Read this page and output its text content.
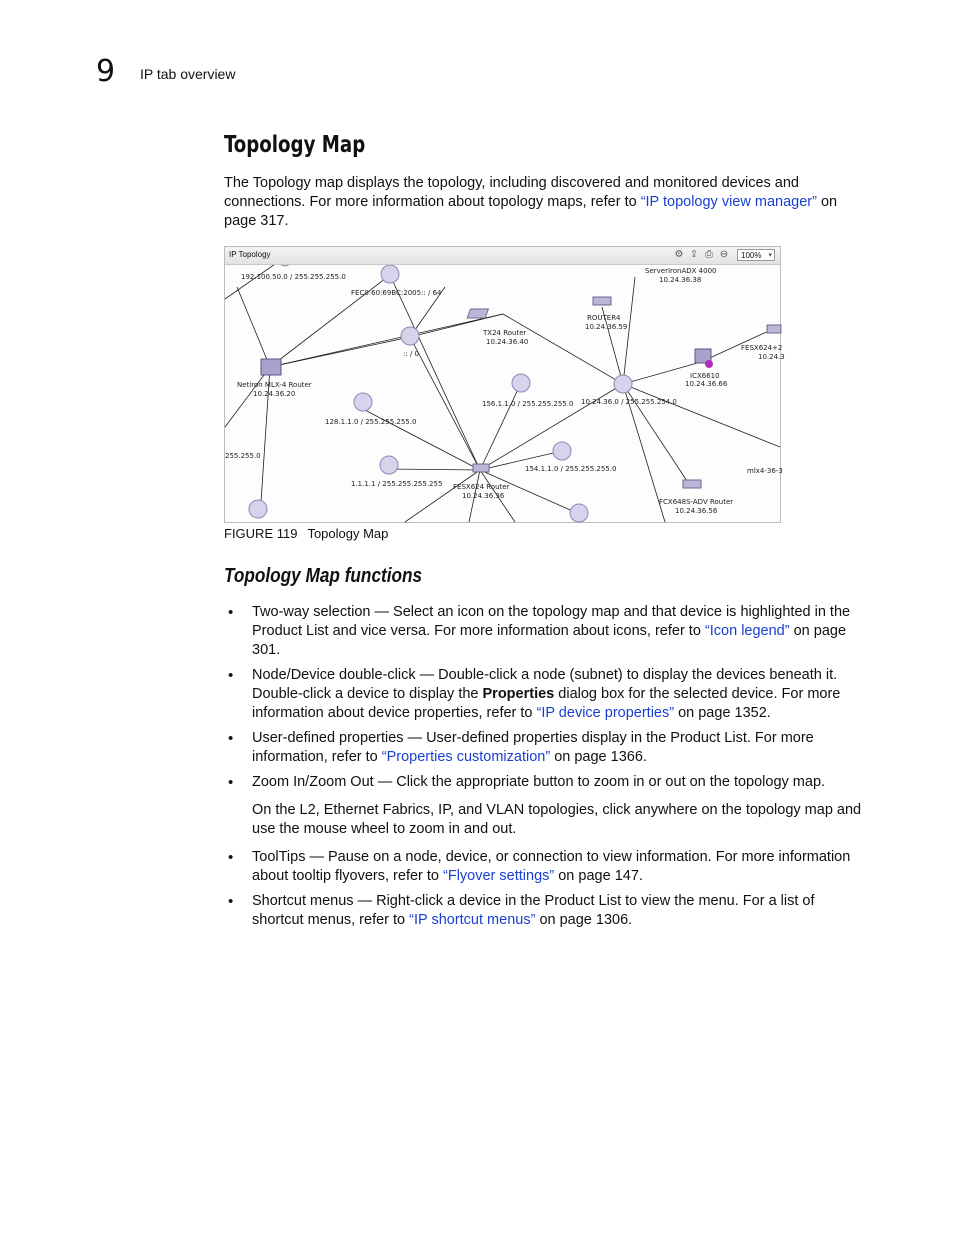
9 IP tab overview
Topology Map

The Topology map displays the topology, including discovered and monitored devices and connections. For more information about topology maps, refer to “IP topology view manager” on page 317.

192.100.50.0 / 255.255.255.0
FEC0:60:69BC:2005:: / 64
TX24 Router
10.24.36.40
:: / 0
ROUTER4
10.24.36.59
ServerIronADX 4000
10.24.36.38
Netiron MLX-4 Router
10.24.36.20
ICX6610
10.24.36.66
FESX624+2
10.24.3
156.1.1.0 / 255.255.255.0 10.24.36.0 / 255.255.254.0
128.1.1.0 / 255.255.255.0
255.255.0
1.1.1.1 / 255.255.255.255 FESX624 Router
10.24.36.36
154.1.1.0 / 255.255.255.0
FCX648S-ADV Router
10.24.36.56
mlx4-36-3
IP Topology	⚙ ⇪ ⎙ ⊖	100% ▾
FIGURE 119 Topology Map
Topology Map functions
• Two-way selection — Select an icon on the topology map and that device is highlighted in the Product List and vice versa. For more information about icons, refer to “Icon legend” on page 301.
• Node/Device double-click — Double-click a node (subnet) to display the devices beneath it. Double-click a device to display the Properties dialog box for the selected device. For more information about device properties, refer to “IP device properties” on page 1352.
• User-defined properties — User-defined properties display in the Product List. For more information, refer to “Properties customization” on page 1366.
• Zoom In/Zoom Out — Click the appropriate button to zoom in or out on the topology map.
On the L2, Ethernet Fabrics, IP, and VLAN topologies, click anywhere on the topology map and use the mouse wheel to zoom in and out.
• ToolTips — Pause on a node, device, or connection to view information. For more information about tooltip flyovers, refer to “Flyover settings” on page 147.
• Shortcut menus — Right-click a device in the Product List to view the menu. For a list of shortcut menus, refer to “IP shortcut menus” on page 1306.
